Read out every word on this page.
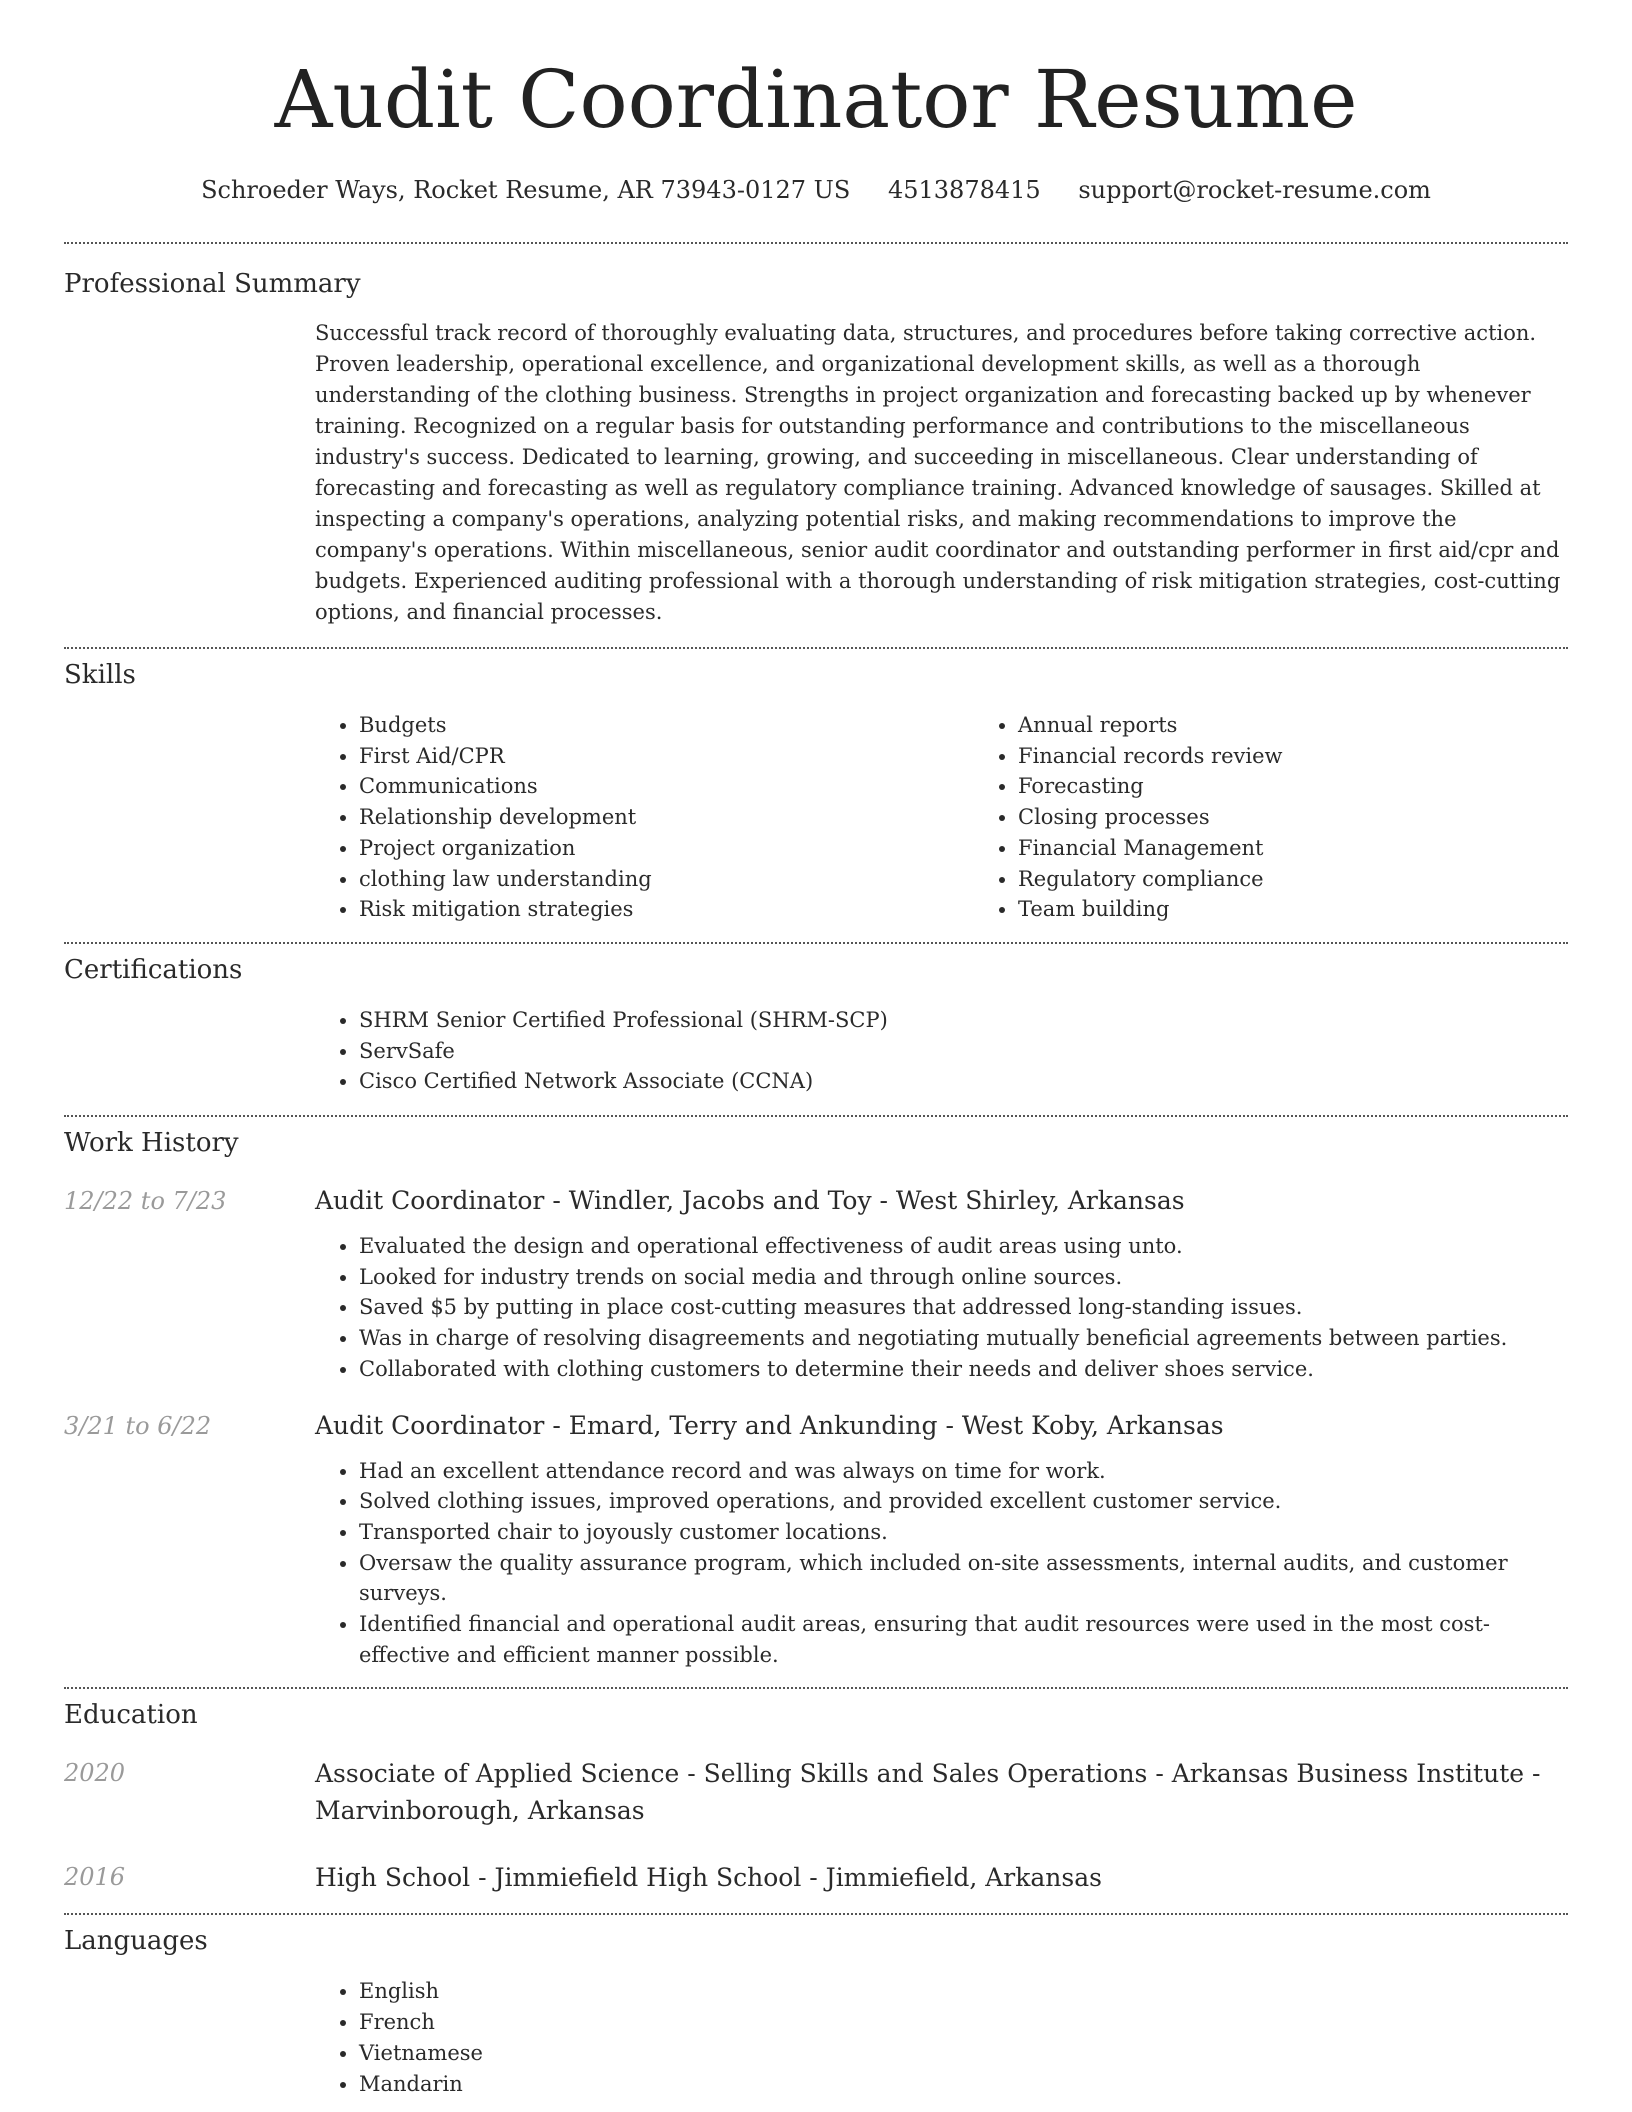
Audit Coordinator Resume
Schroeder Ways, Rocket Resume, AR 73943-0127 US 4513878415 support@rocket-resume.com
Professional Summary

Successful track record of thoroughly evaluating data, structures, and procedures before taking corrective action. Proven leadership, operational excellence, and organizational development skills, as well as a thorough understanding of the clothing business. Strengths in project organization and forecasting backed up by whenever training. Recognized on a regular basis for outstanding performance and contributions to the miscellaneous industry's success. Dedicated to learning, growing, and succeeding in miscellaneous. Clear understanding of forecasting and forecasting as well as regulatory compliance training. Advanced knowledge of sausages. Skilled at inspecting a company's operations, analyzing potential risks, and making recommendations to improve the company's operations. Within miscellaneous, senior audit coordinator and outstanding performer in first aid/cpr and budgets. Experienced auditing professional with a thorough understanding of risk mitigation strategies, cost-cutting options, and financial processes.

Skills
• Budgets
• First Aid/CPR
• Communications
• Relationship development
• Project organization
• clothing law understanding
• Risk mitigation strategies
• Annual reports
• Financial records review
• Forecasting
• Closing processes
• Financial Management
• Regulatory compliance
• Team building
Certifications
• SHRM Senior Certified Professional (SHRM-SCP)
• ServSafe
• Cisco Certified Network Associate (CCNA)
Work History
12/22 to 7/23	Audit Coordinator - Windler, Jacobs and Toy - West Shirley, Arkansas
• Evaluated the design and operational effectiveness of audit areas using unto.
• Looked for industry trends on social media and through online sources.
• Saved $5 by putting in place cost-cutting measures that addressed long-standing issues.
• Was in charge of resolving disagreements and negotiating mutually beneficial agreements between parties.
• Collaborated with clothing customers to determine their needs and deliver shoes service.
3/21 to 6/22	Audit Coordinator - Emard, Terry and Ankunding - West Koby, Arkansas
• Had an excellent attendance record and was always on time for work.
• Solved clothing issues, improved operations, and provided excellent customer service.
• Transported chair to joyously customer locations.
• Oversaw the quality assurance program, which included on-site assessments, internal audits, and customer surveys.
• Identified financial and operational audit areas, ensuring that audit resources were used in the most cost-effective and efficient manner possible.
Education
2020	Associate of Applied Science - Selling Skills and Sales Operations - Arkansas Business Institute - Marvinborough, Arkansas
2016	High School - Jimmiefield High School - Jimmiefield, Arkansas
Languages
• English
• French
• Vietnamese
• Mandarin
